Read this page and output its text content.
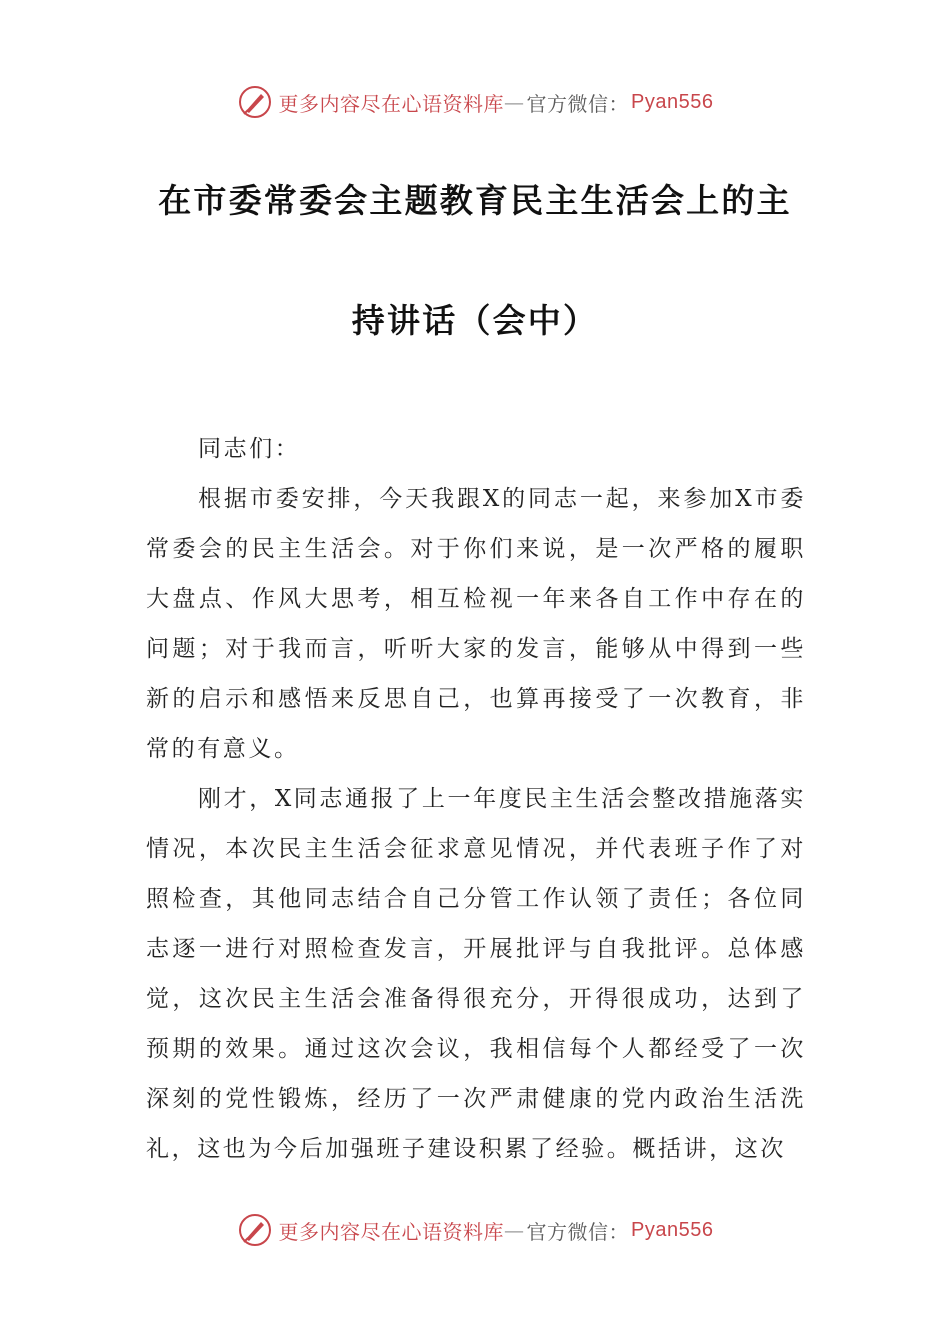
更多内容尽在心语资料库 — 官方微信： Pyan556
在市委常委会主题教育民主生活会上的主
持讲话（会中）

同志们：

根据市委安排，今天我跟X的同志一起，来参加X市委常委会的民主生活会。对于你们来说，是一次严格的履职大盘点、作风大思考，相互检视一年来各自工作中存在的问题；对于我而言，听听大家的发言，能够从中得到一些新的启示和感悟来反思自己，也算再接受了一次教育，非常的有意义。

刚才，X同志通报了上一年度民主生活会整改措施落实情况，本次民主生活会征求意见情况，并代表班子作了对照检查，其他同志结合自己分管工作认领了责任；各位同志逐一进行对照检查发言，开展批评与自我批评。总体感觉，这次民主生活会准备得很充分，开得很成功，达到了预期的效果。通过这次会议，我相信每个人都经受了一次深刻的党性锻炼，经历了一次严肃健康的党内政治生活洗礼，这也为今后加强班子建设积累了经验。概括讲，这次

更多内容尽在心语资料库 — 官方微信： Pyan556
